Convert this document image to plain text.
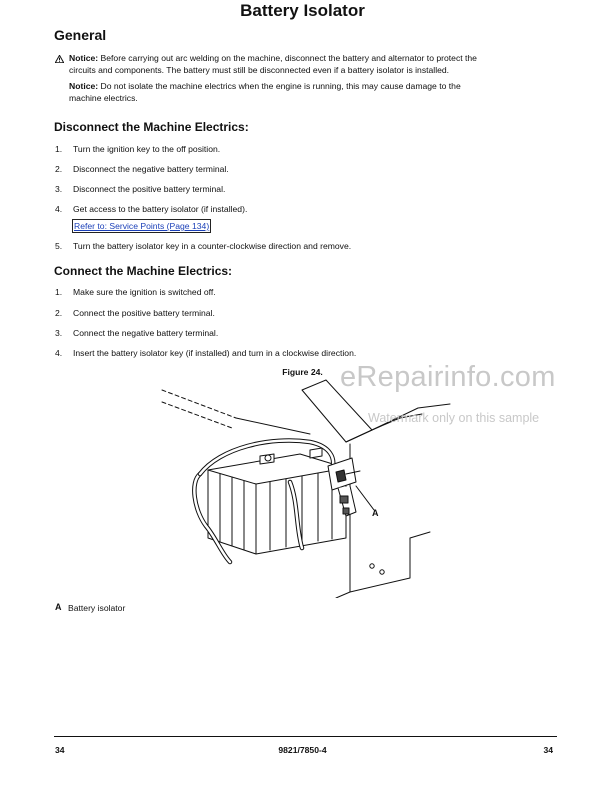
Battery Isolator
General
Notice: Before carrying out arc welding on the machine, disconnect the battery and alternator to protect the
circuits and components. The battery must still be disconnected even if a battery isolator is installed.
Notice: Do not isolate the machine electrics when the engine is running, this may cause damage to the
machine electrics.
Disconnect the Machine Electrics:
1. Turn the ignition key to the off position.
2. Disconnect the negative battery terminal.
3. Disconnect the positive battery terminal.
4. Get access to the battery isolator (if installed).
Refer to: Service Points (Page 134)
5. Turn the battery isolator key in a counter-clockwise direction and remove.
Connect the Machine Electrics:
1. Make sure the ignition is switched off.
2. Connect the positive battery terminal.
3. Connect the negative battery terminal.
4. Insert the battery isolator key (if installed) and turn in a clockwise direction.
Figure 24.
A
eRepairinfo.com
Watermark only on this sample
A Battery isolator
34	9821/7850-4	34
